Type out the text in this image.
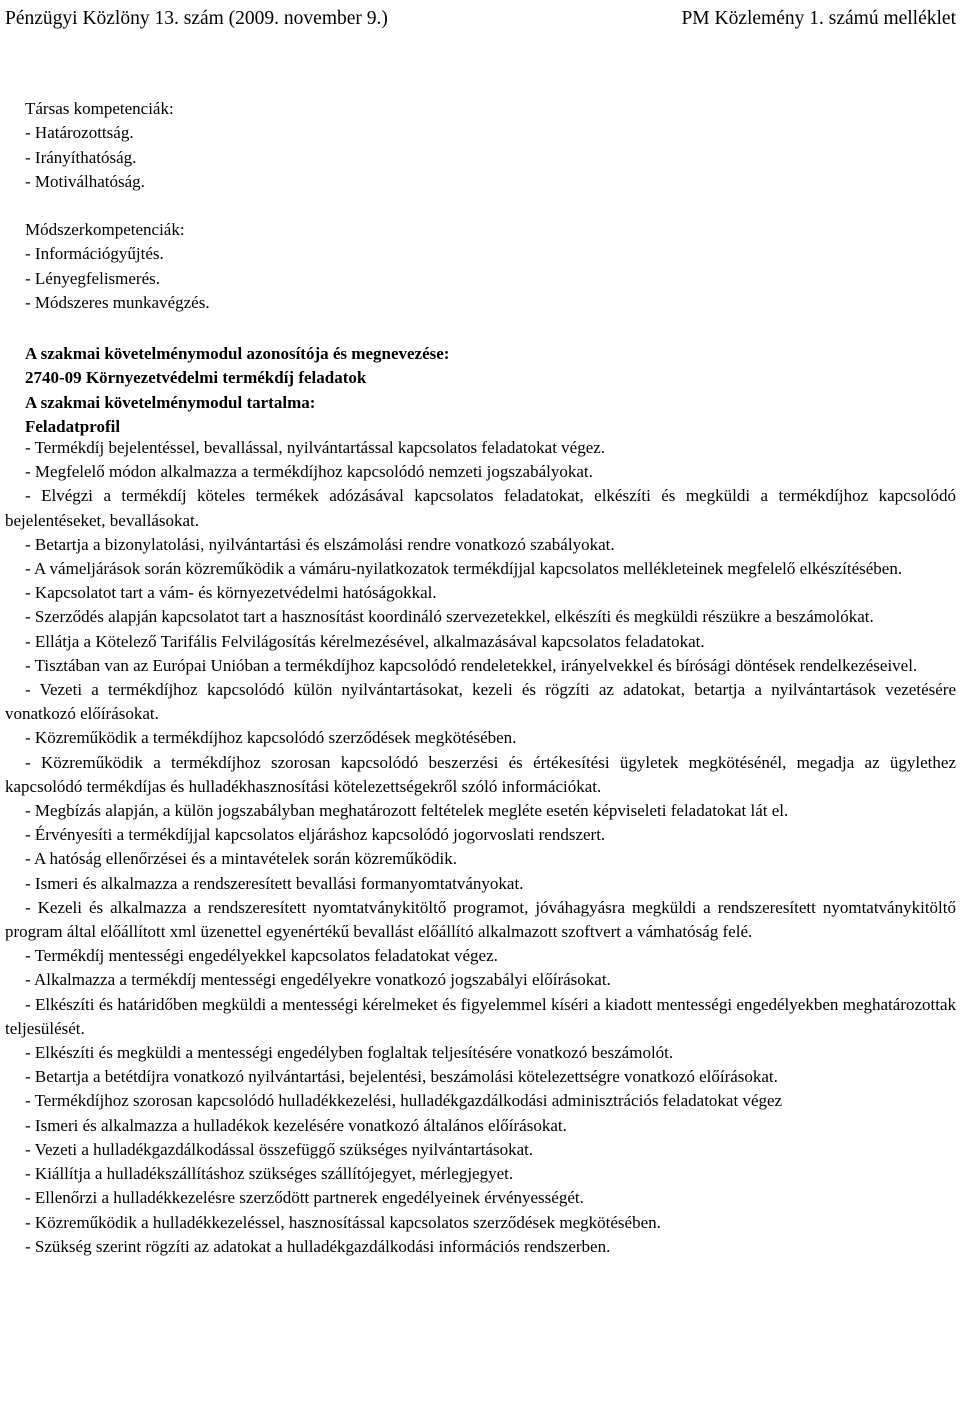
Pénzügyi Közlöny 13. szám (2009. november 9.)	PM Közlemény 1. számú melléklet
Társas kompetenciák:
- Határozottság.
- Irányíthatóság.
- Motiválhatóság.
Módszerkompetenciák:
- Információgyűjtés.
- Lényegfelismerés.
- Módszeres munkavégzés.
A szakmai követelménymodul azonosítója és megnevezése:
2740-09 Környezetvédelmi termékdíj feladatok
A szakmai követelménymodul tartalma:
Feladatprofil

- Termékdíj bejelentéssel, bevallással, nyilvántartással kapcsolatos feladatokat végez.

- Megfelelő módon alkalmazza a termékdíjhoz kapcsolódó nemzeti jogszabályokat.

- Elvégzi a termékdíj köteles termékek adózásával kapcsolatos feladatokat, elkészíti és megküldi a termékdíjhoz kapcsolódó bejelentéseket, bevallásokat.

- Betartja a bizonylatolási, nyilvántartási és elszámolási rendre vonatkozó szabályokat.

- A vámeljárások során közreműködik a vámáru-nyilatkozatok termékdíjjal kapcsolatos mellékleteinek megfelelő elkészítésében.

- Kapcsolatot tart a vám- és környezetvédelmi hatóságokkal.

- Szerződés alapján kapcsolatot tart a hasznosítást koordináló szervezetekkel, elkészíti és megküldi részükre a beszámolókat.

- Ellátja a Kötelező Tarifális Felvilágosítás kérelmezésével, alkalmazásával kapcsolatos feladatokat.

- Tisztában van az Európai Unióban a termékdíjhoz kapcsolódó rendeletekkel, irányelvekkel és bírósági döntések rendelkezéseivel.

- Vezeti a termékdíjhoz kapcsolódó külön nyilvántartásokat, kezeli és rögzíti az adatokat, betartja a nyilvántartások vezetésére vonatkozó előírásokat.

- Közreműködik a termékdíjhoz kapcsolódó szerződések megkötésében.

- Közreműködik a termékdíjhoz szorosan kapcsolódó beszerzési és értékesítési ügyletek megkötésénél, megadja az ügylethez kapcsolódó termékdíjas és hulladékhasznosítási kötelezettségekről szóló információkat.

- Megbízás alapján, a külön jogszabályban meghatározott feltételek megléte esetén képviseleti feladatokat lát el.

- Érvényesíti a termékdíjjal kapcsolatos eljáráshoz kapcsolódó jogorvoslati rendszert.

- A hatóság ellenőrzései és a mintavételek során közreműködik.

- Ismeri és alkalmazza a rendszeresített bevallási formanyomtatványokat.

- Kezeli és alkalmazza a rendszeresített nyomtatványkitöltő programot, jóváhagyásra megküldi a rendszeresített nyomtatványkitöltő program által előállított xml üzenettel egyenértékű bevallást előállító alkalmazott szoftvert a vámhatóság felé.

- Termékdíj mentességi engedélyekkel kapcsolatos feladatokat végez.

- Alkalmazza a termékdíj mentességi engedélyekre vonatkozó jogszabályi előírásokat.

- Elkészíti és határidőben megküldi a mentességi kérelmeket és figyelemmel kíséri a kiadott mentességi engedélyekben meghatározottak teljesülését.

- Elkészíti és megküldi a mentességi engedélyben foglaltak teljesítésére vonatkozó beszámolót.

- Betartja a betétdíjra vonatkozó nyilvántartási, bejelentési, beszámolási kötelezettségre vonatkozó előírásokat.

- Termékdíjhoz szorosan kapcsolódó hulladékkezelési, hulladékgazdálkodási adminisztrációs feladatokat végez

- Ismeri és alkalmazza a hulladékok kezelésére vonatkozó általános előírásokat.

- Vezeti a hulladékgazdálkodással összefüggő szükséges nyilvántartásokat.

- Kiállítja a hulladékszállításhoz szükséges szállítójegyet, mérlegjegyet.

- Ellenőrzi a hulladékkezelésre szerződött partnerek engedélyeinek érvényességét.

- Közreműködik a hulladékkezeléssel, hasznosítással kapcsolatos szerződések megkötésében.

- Szükség szerint rögzíti az adatokat a hulladékgazdálkodási információs rendszerben.
